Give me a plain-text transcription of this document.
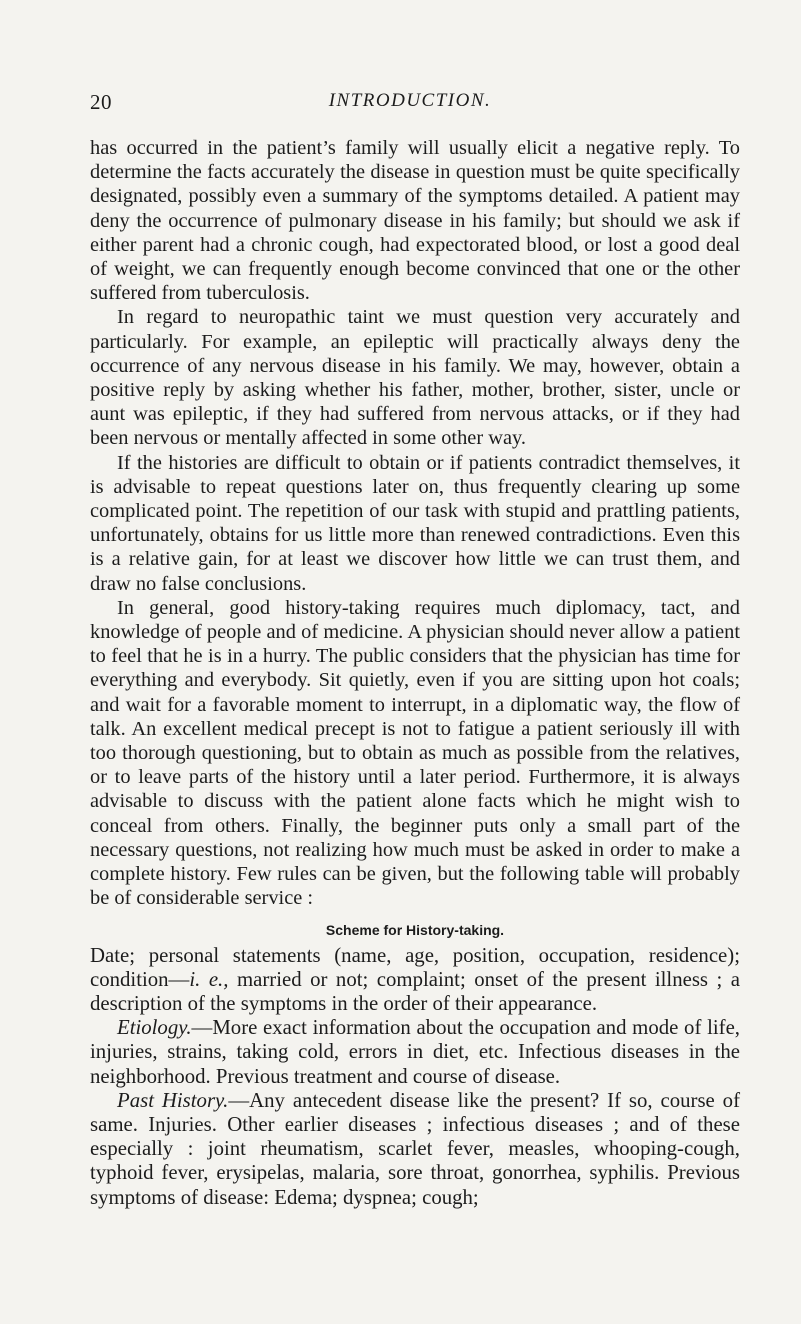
20	INTRODUCTION.

has occurred in the patient’s family will usually elicit a negative reply. To determine the facts accurately the disease in question must be quite specifically designated, possibly even a summary of the symptoms detailed. A patient may deny the occurrence of pulmonary disease in his family; but should we ask if either parent had a chronic cough, had expectorated blood, or lost a good deal of weight, we can frequently enough become convinced that one or the other suffered from tuberculosis.

In regard to neuropathic taint we must question very accurately and particularly. For example, an epileptic will practically always deny the occurrence of any nervous disease in his family. We may, however, obtain a positive reply by asking whether his father, mother, brother, sister, uncle or aunt was epileptic, if they had suffered from nervous attacks, or if they had been nervous or mentally affected in some other way.

If the histories are difficult to obtain or if patients contradict themselves, it is advisable to repeat questions later on, thus frequently clearing up some complicated point. The repetition of our task with stupid and prattling patients, unfortunately, obtains for us little more than renewed contradictions. Even this is a relative gain, for at least we discover how little we can trust them, and draw no false conclusions.

In general, good history-taking requires much diplomacy, tact, and knowledge of people and of medicine. A physician should never allow a patient to feel that he is in a hurry. The public considers that the physician has time for everything and everybody. Sit quietly, even if you are sitting upon hot coals; and wait for a favorable moment to interrupt, in a diplomatic way, the flow of talk. An excellent medical precept is not to fatigue a patient seriously ill with too thorough questioning, but to obtain as much as possible from the relatives, or to leave parts of the history until a later period. Furthermore, it is always advisable to discuss with the patient alone facts which he might wish to conceal from others. Finally, the beginner puts only a small part of the necessary questions, not realizing how much must be asked in order to make a complete history. Few rules can be given, but the following table will probably be of considerable service :

Scheme for History-taking.

Date; personal statements (name, age, position, occupation, residence); condition—i. e., married or not; complaint; onset of the present illness ; a description of the symptoms in the order of their appearance.

Etiology.—More exact information about the occupation and mode of life, injuries, strains, taking cold, errors in diet, etc. Infectious diseases in the neighborhood. Previous treatment and course of disease.

Past History.—Any antecedent disease like the present? If so, course of same. Injuries. Other earlier diseases ; infectious diseases ; and of these especially : joint rheumatism, scarlet fever, measles, whooping-cough, typhoid fever, erysipelas, malaria, sore throat, gonorrhea, syphilis. Previous symptoms of disease: Edema; dyspnea; cough;
